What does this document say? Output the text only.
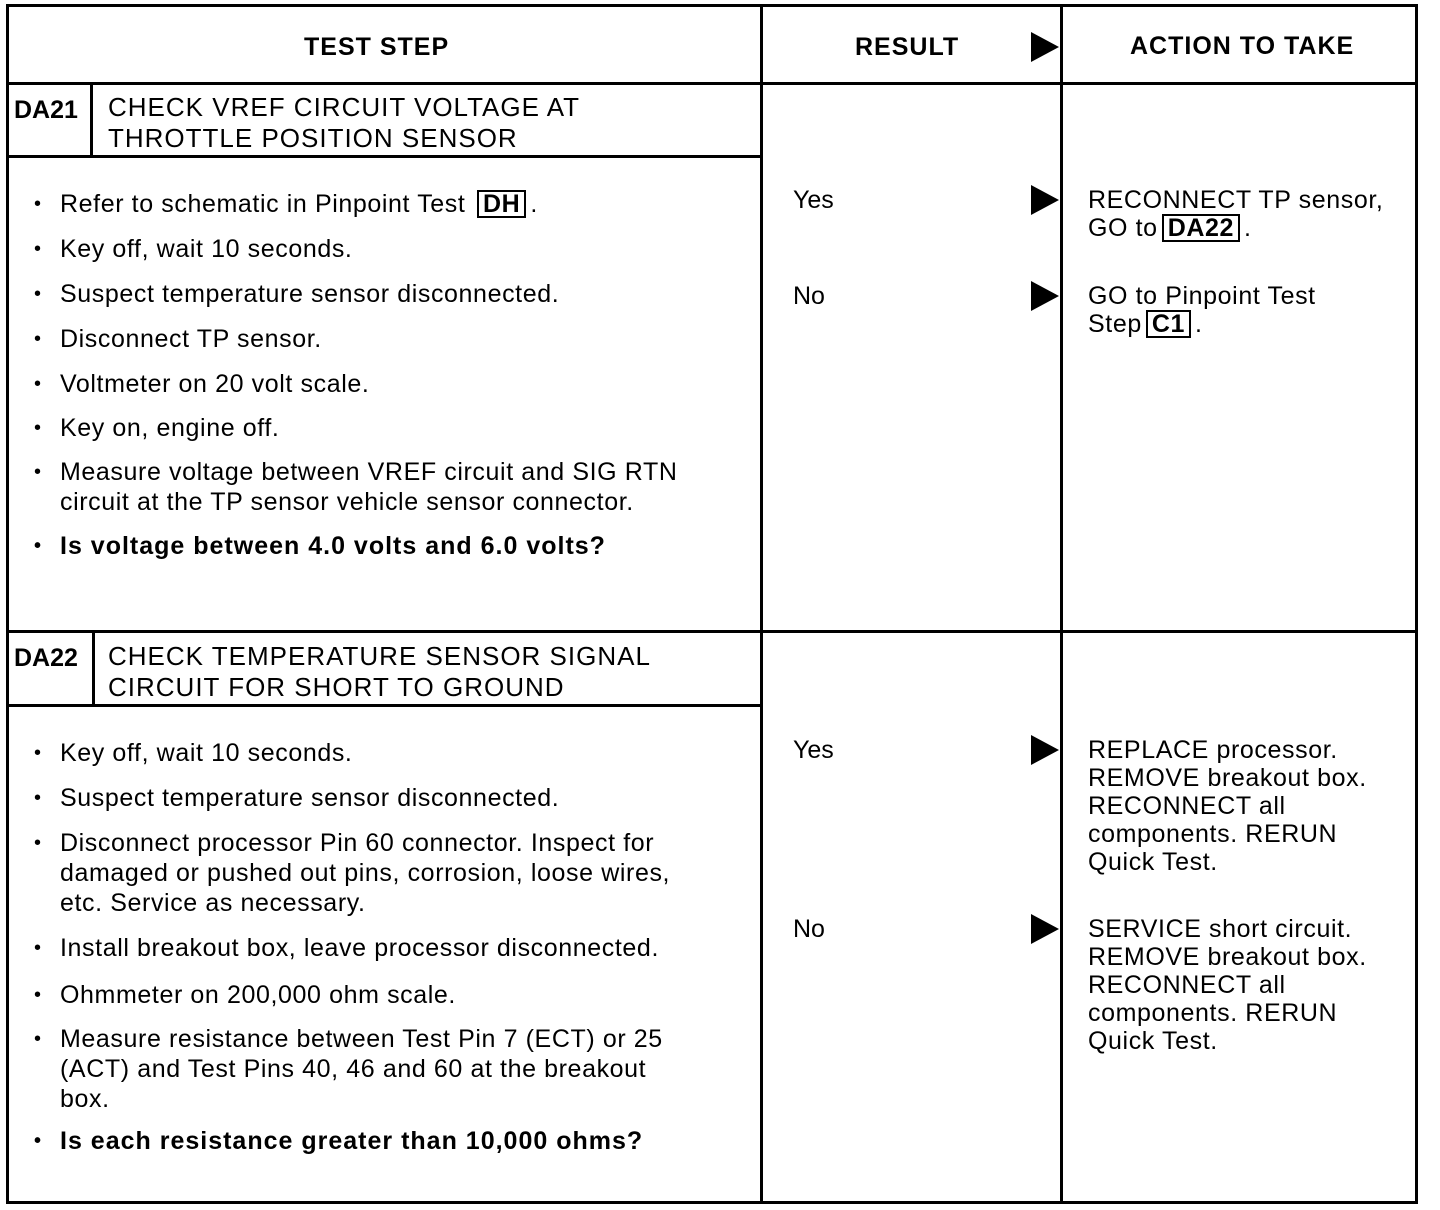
TEST STEP	RESULT	ACTION TO TAKE
DA21 CHECK VREF CIRCUIT VOLTAGE AT
THROTTLE POSITION SENSOR
• Refer to schematic in Pinpoint Test DH .
• Key off, wait 10 seconds.
• Suspect temperature sensor disconnected.
• Disconnect TP sensor.
• Voltmeter on 20 volt scale.
• Key on, engine off.
• Measure voltage between VREF circuit and SIG RTN circuit at the TP sensor vehicle sensor connector.
• Is voltage between 4.0 volts and 6.0 volts?
Yes	RECONNECT TP sensor, GO to DA22 .
No	GO to Pinpoint Test Step C1 .
DA22 CHECK TEMPERATURE SENSOR SIGNAL
CIRCUIT FOR SHORT TO GROUND
• Key off, wait 10 seconds.
• Suspect temperature sensor disconnected.
• Disconnect processor Pin 60 connector. Inspect for damaged or pushed out pins, corrosion, loose wires, etc. Service as necessary.
• Install breakout box, leave processor disconnected.
• Ohmmeter on 200,000 ohm scale.
• Measure resistance between Test Pin 7 (ECT) or 25 (ACT) and Test Pins 40, 46 and 60 at the breakout box.
• Is each resistance greater than 10,000 ohms?
Yes	REPLACE processor. REMOVE breakout box. RECONNECT all components. RERUN Quick Test.
No	SERVICE short circuit. REMOVE breakout box. RECONNECT all components. RERUN Quick Test.
